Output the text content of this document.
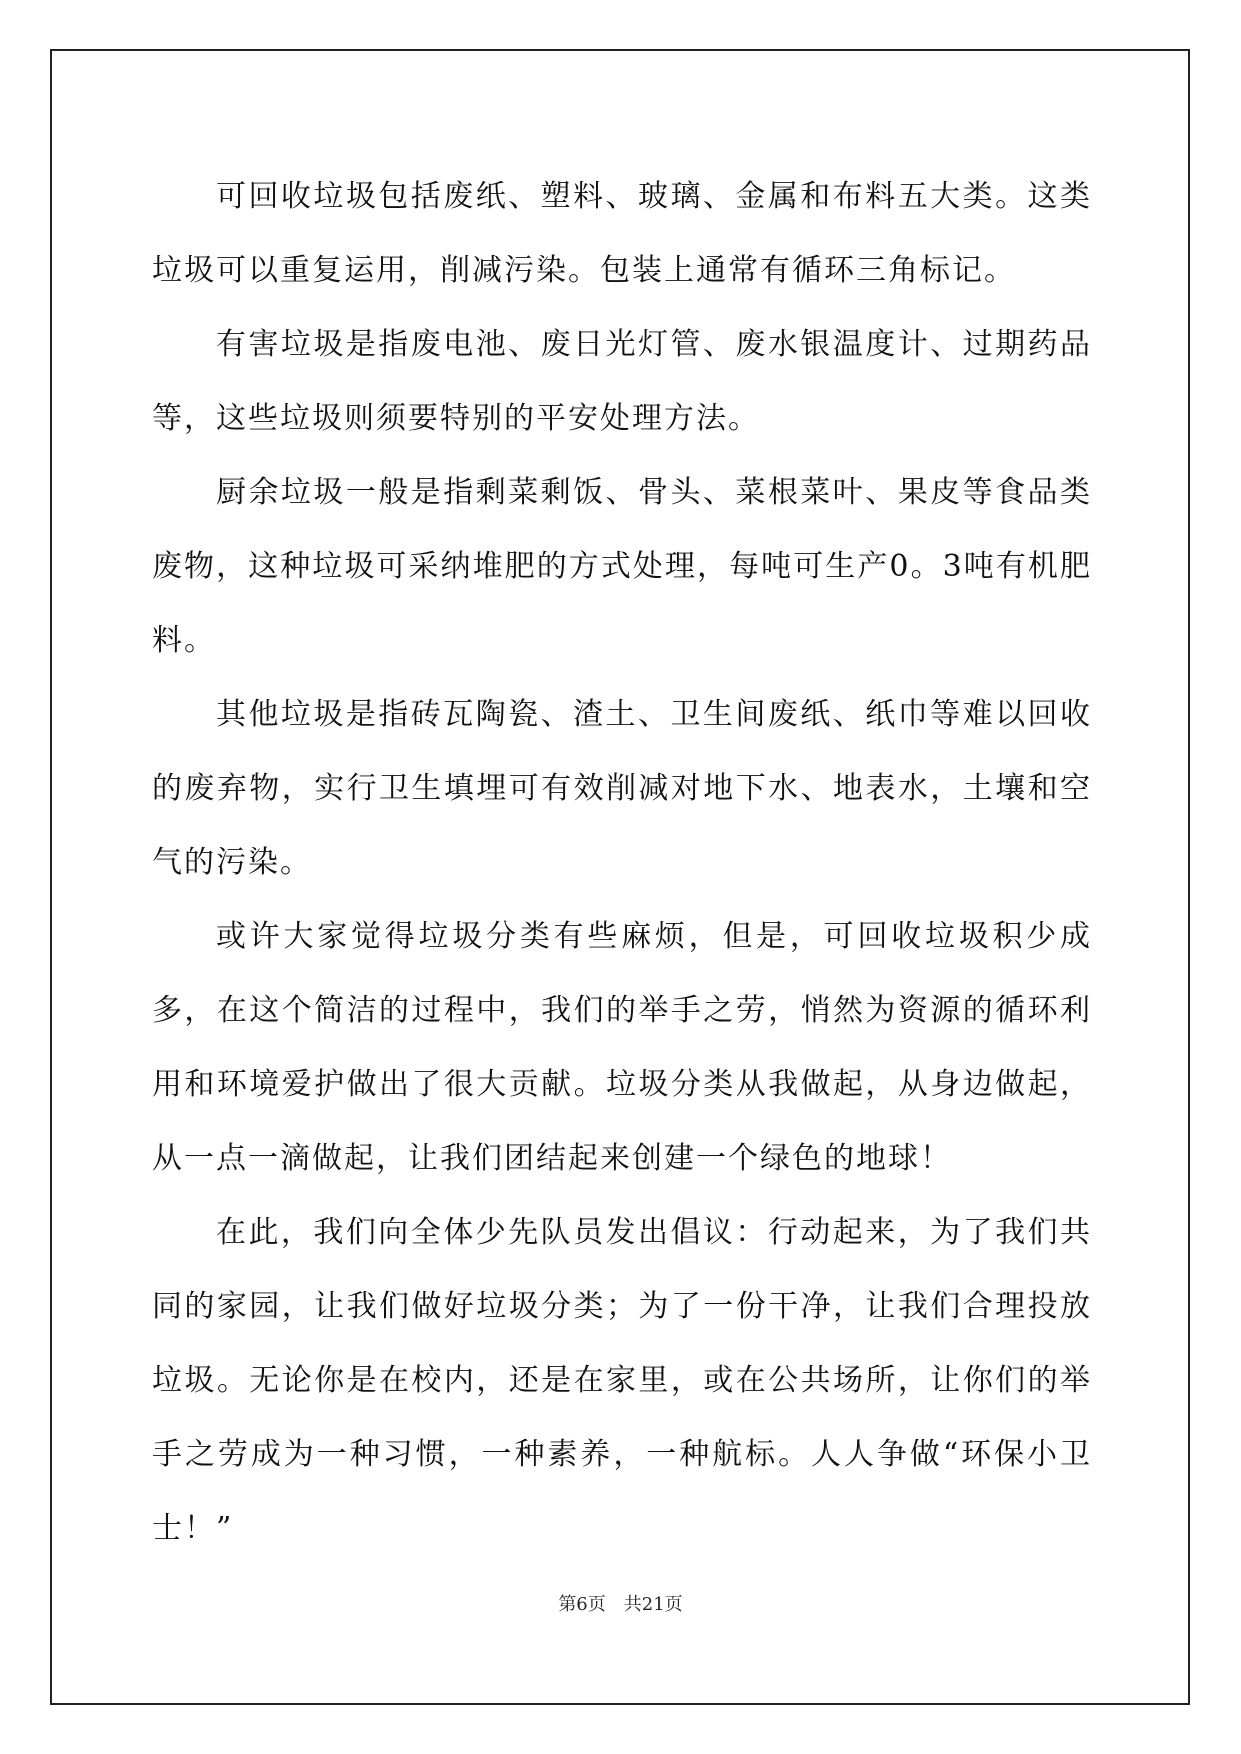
可回收垃圾包括废纸、塑料、玻璃、金属和布料五大类。这类垃圾可以重复运用，削减污染。包装上通常有循环三角标记。

有害垃圾是指废电池、废日光灯管、废水银温度计、过期药品等，这些垃圾则须要特别的平安处理方法。

厨余垃圾一般是指剩菜剩饭、骨头、菜根菜叶、果皮等食品类废物，这种垃圾可采纳堆肥的方式处理，每吨可生产0。3吨有机肥料。

其他垃圾是指砖瓦陶瓷、渣土、卫生间废纸、纸巾等难以回收的废弃物，实行卫生填埋可有效削减对地下水、地表水，土壤和空气的污染。

或许大家觉得垃圾分类有些麻烦，但是，可回收垃圾积少成多，在这个简洁的过程中，我们的举手之劳，悄然为资源的循环利用和环境爱护做出了很大贡献。垃圾分类从我做起，从身边做起，从一点一滴做起，让我们团结起来创建一个绿色的地球！

在此，我们向全体少先队员发出倡议：行动起来，为了我们共同的家园，让我们做好垃圾分类；为了一份干净，让我们合理投放垃圾。无论你是在校内，还是在家里，或在公共场所，让你们的举手之劳成为一种习惯，一种素养，一种航标。人人争做“环保小卫士！”

第6页 共21页
